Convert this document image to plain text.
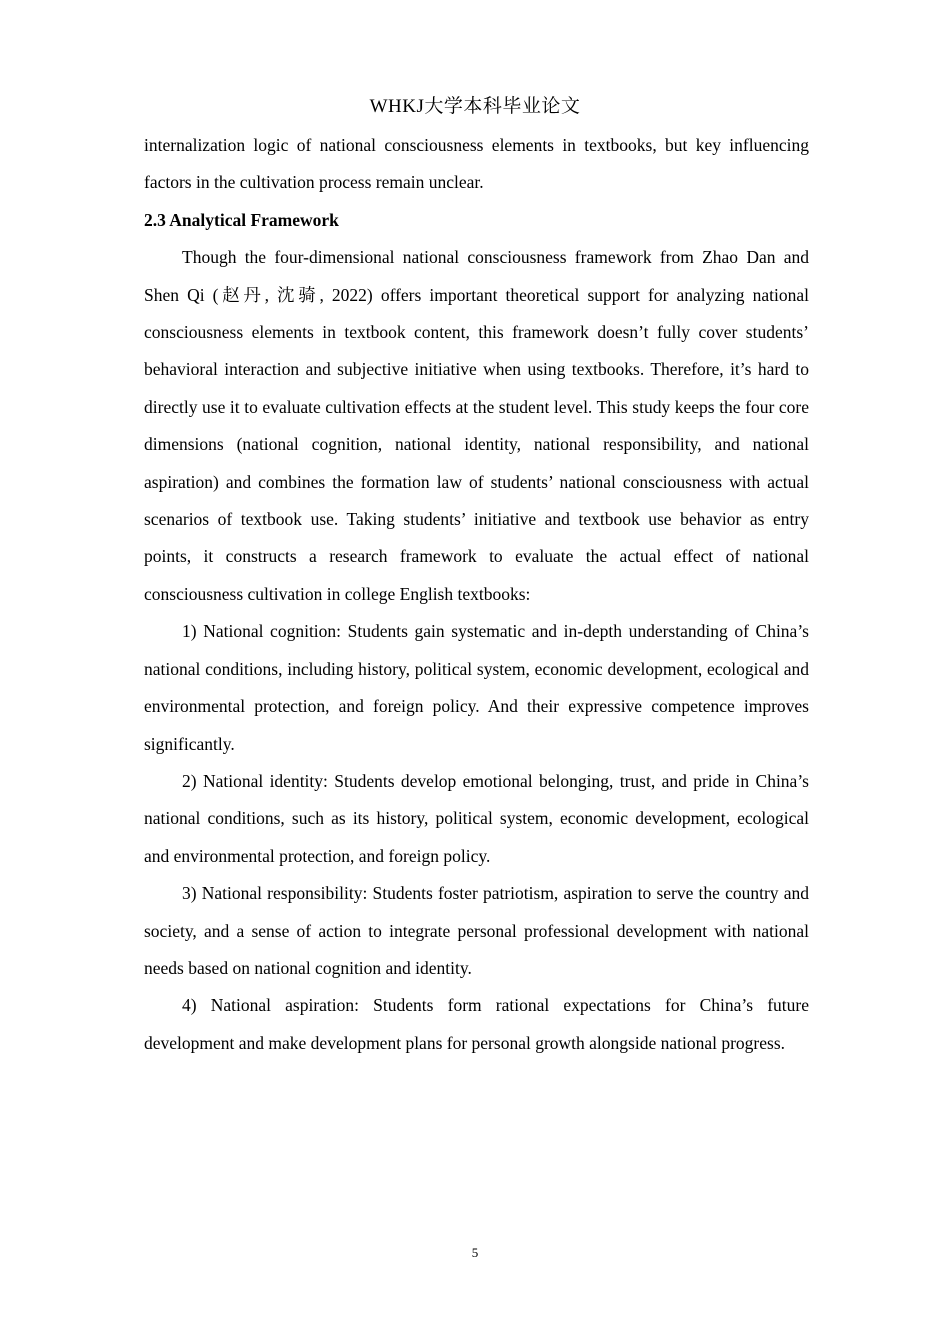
WHKJ大学本科毕业论文

internalization logic of national consciousness elements in textbooks, but key influencing factors in the cultivation process remain unclear.

2.3 Analytical Framework

Though the four-dimensional national consciousness framework from Zhao Dan and Shen Qi (赵丹, 沈骑, 2022) offers important theoretical support for analyzing national consciousness elements in textbook content, this framework doesn’t fully cover students’ behavioral interaction and subjective initiative when using textbooks. Therefore, it’s hard to directly use it to evaluate cultivation effects at the student level. This study keeps the four core dimensions (national cognition, national identity, national responsibility, and national aspiration) and combines the formation law of students’ national consciousness with actual scenarios of textbook use. Taking students’ initiative and textbook use behavior as entry points, it constructs a research framework to evaluate the actual effect of national consciousness cultivation in college English textbooks:

1) National cognition: Students gain systematic and in-depth understanding of China’s national conditions, including history, political system, economic development, ecological and environmental protection, and foreign policy. And their expressive competence improves significantly.

2) National identity: Students develop emotional belonging, trust, and pride in China’s national conditions, such as its history, political system, economic development, ecological and environmental protection, and foreign policy.

3) National responsibility: Students foster patriotism, aspiration to serve the country and society, and a sense of action to integrate personal professional development with national needs based on national cognition and identity.

4) National aspiration: Students form rational expectations for China’s future development and make development plans for personal growth alongside national progress.

5
